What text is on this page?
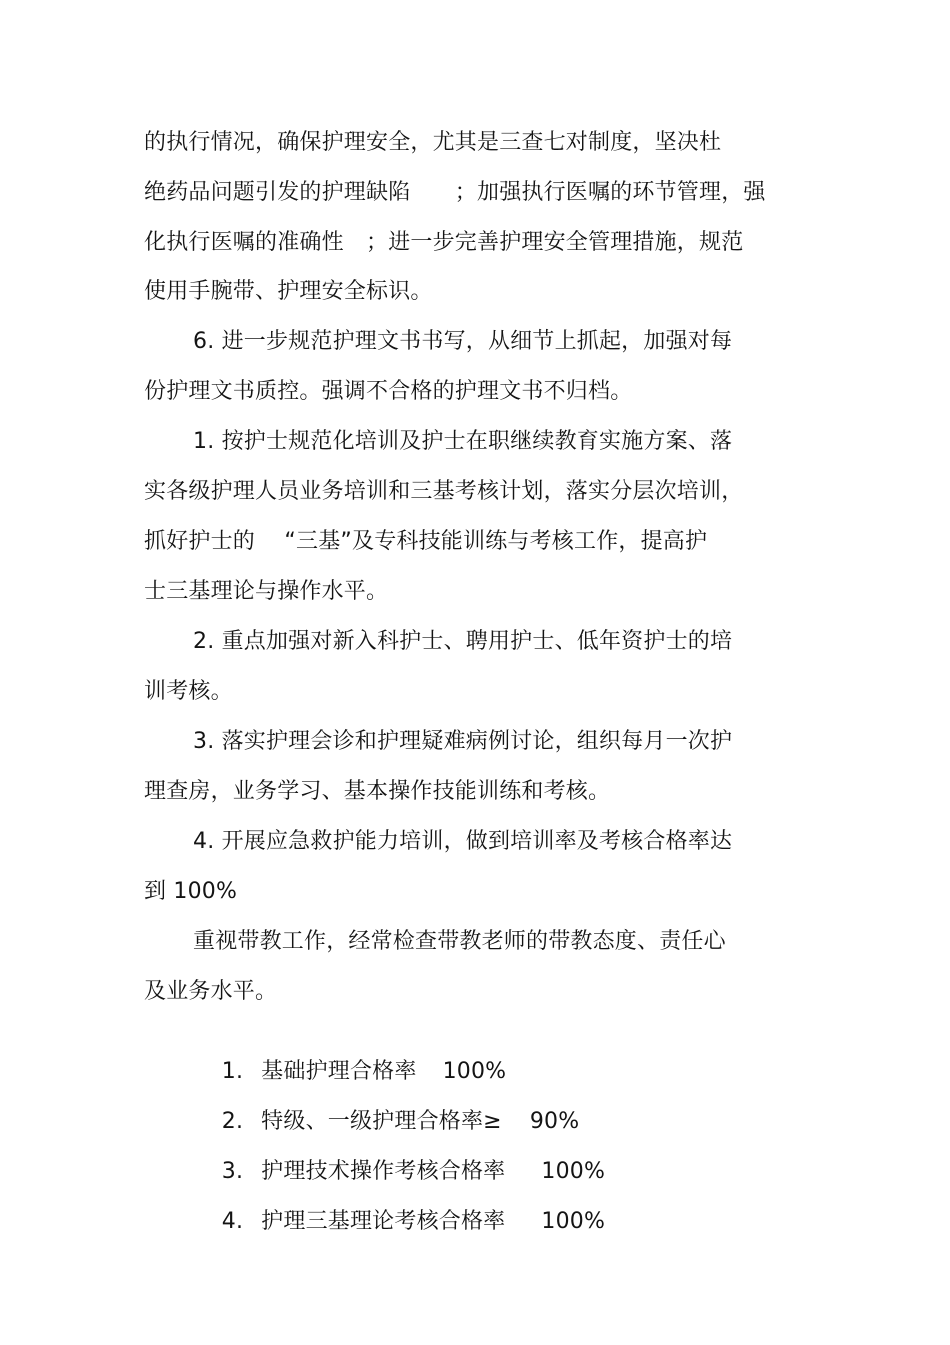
的执行情况，确保护理安全，尤其是三查七对制度，坚决杜
绝药品问题引发的护理缺陷　　；加强执行医嘱的环节管理，强
化执行医嘱的准确性　；进一步完善护理安全管理措施，规范
使用手腕带、护理安全标识。
6. 进一步规范护理文书书写，从细节上抓起，加强对每
份护理文书质控。强调不合格的护理文书不归档。
1. 按护士规范化培训及护士在职继续教育实施方案、落
实各级护理人员业务培训和三基考核计划，落实分层次培训，
抓好护士的　 “三基”及专科技能训练与考核工作，提高护
士三基理论与操作水平。
2. 重点加强对新入科护士、聘用护士、低年资护士的培
训考核。
3. 落实护理会诊和护理疑难病例讨论，组织每月一次护
理查房，业务学习、基本操作技能训练和考核。
4. 开展应急救护能力培训，做到培训率及考核合格率达
到 100%
重视带教工作，经常检查带教老师的带教态度、责任心
及业务水平。

1. 基础护理合格率 100%

2. 特级、一级护理合格率≥ 90%

3. 护理技术操作考核合格率 100%

4. 护理三基理论考核合格率 100%
